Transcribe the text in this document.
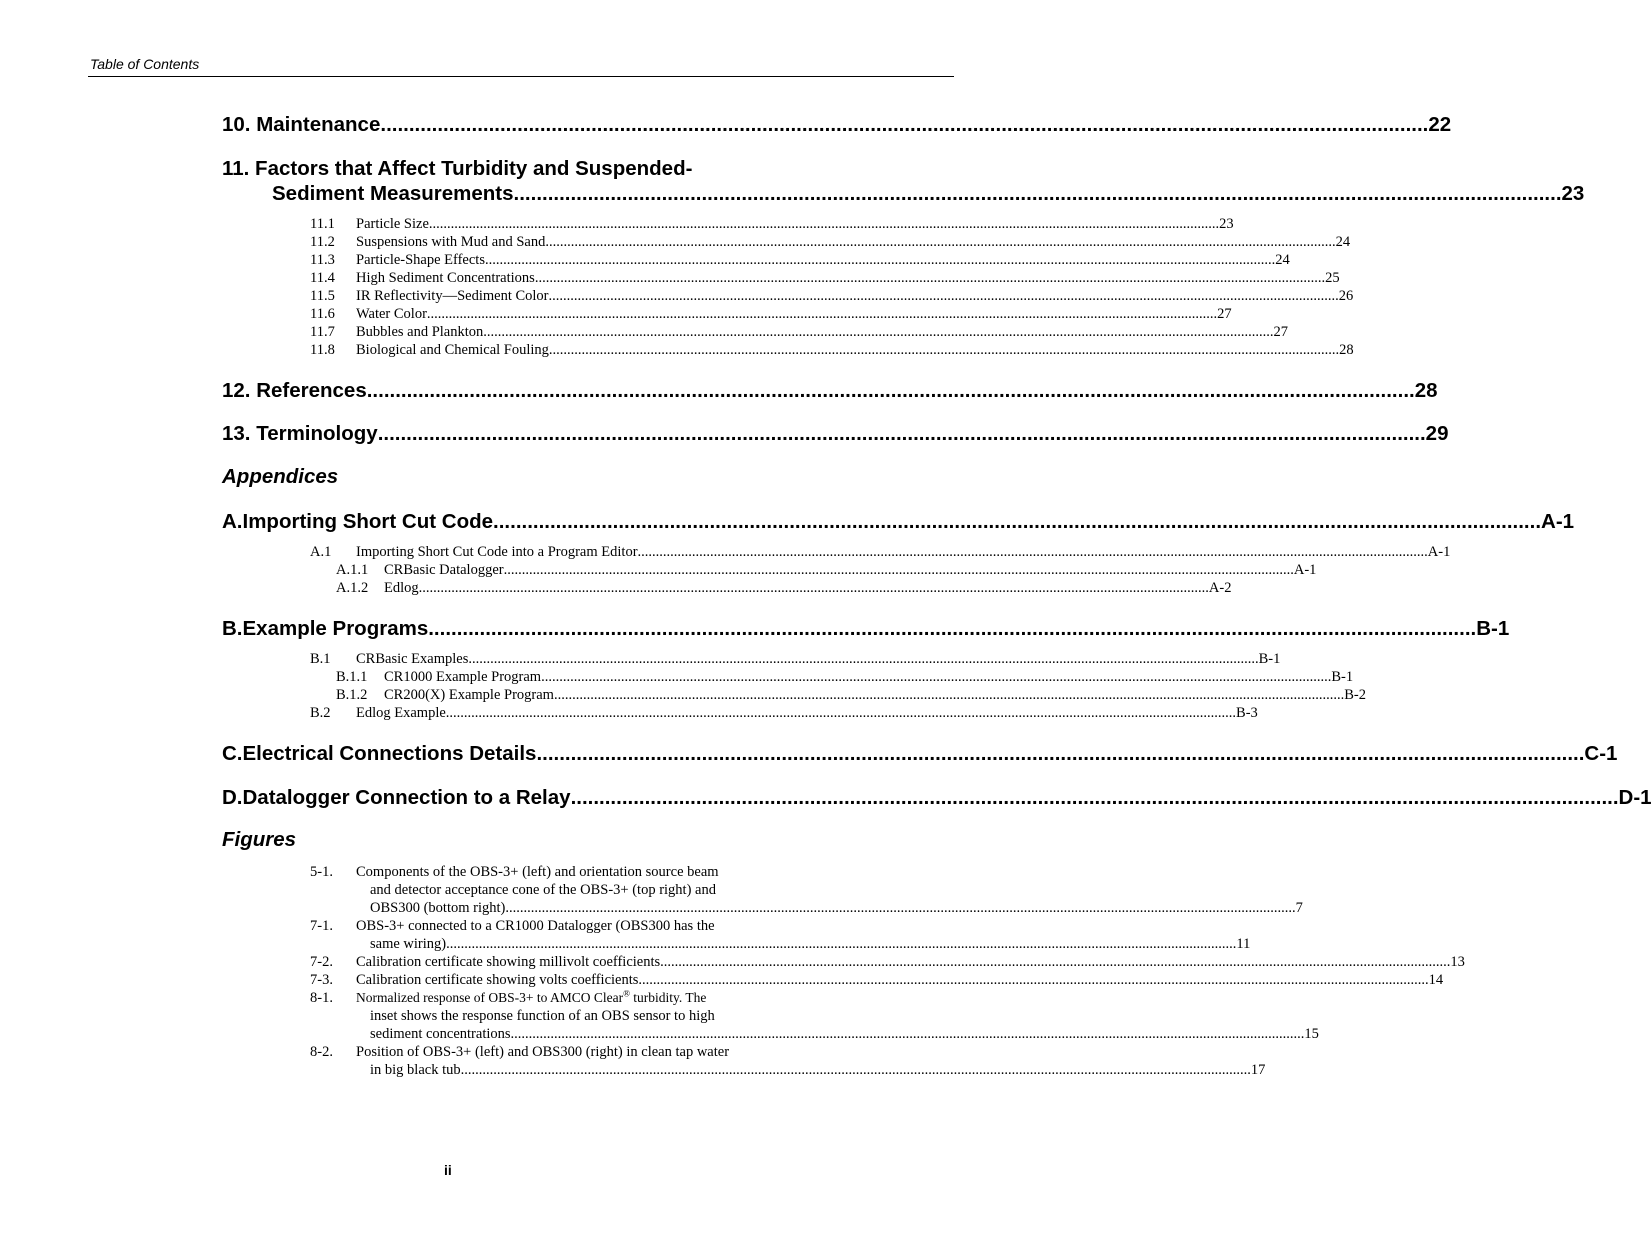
Table of Contents
10. Maintenance .....	22
11. Factors that Affect Turbidity and Suspended-
Sediment Measurements .....	23
11.1	Particle Size .....	23
11.2	Suspensions with Mud and Sand .....	24
11.3	Particle-Shape Effects .....	24
11.4	High Sediment Concentrations .....	25
11.5	IR Reflectivity—Sediment Color .....	26
11.6	Water Color .....	27
11.7	Bubbles and Plankton .....	27
11.8	Biological and Chemical Fouling .....	28
12. References .....	28
13. Terminology .....	29
Appendices
A. Importing Short Cut Code .....	A-1
A.1	Importing Short Cut Code into a Program Editor .....	A-1
A.1.1	CRBasic Datalogger .....	A-1
A.1.2	Edlog .....	A-2
B. Example Programs .....	B-1
B.1	CRBasic Examples .....	B-1
B.1.1	CR1000 Example Program .....	B-1
B.1.2	CR200(X) Example Program .....	B-2
B.2	Edlog Example .....	B-3
C. Electrical Connections Details .....	C-1
D. Datalogger Connection to a Relay .....	D-1
Figures
5-1.	Components of the OBS-3+ (left) and orientation source beam
and detector acceptance cone of the OBS-3+ (top right) and
OBS300 (bottom right) .....	7
7-1.	OBS-3+ connected to a CR1000 Datalogger (OBS300 has the
same wiring) .....	11
7-2.	Calibration certificate showing millivolt coefficients .....	13
7-3.	Calibration certificate showing volts coefficients .....	14
8-1.	Normalized response of OBS-3+ to AMCO Clear® turbidity. The
inset shows the response function of an OBS sensor to high
sediment concentrations. .....	15
8-2.	Position of OBS-3+ (left) and OBS300 (right) in clean tap water
in big black tub .....	17
ii
